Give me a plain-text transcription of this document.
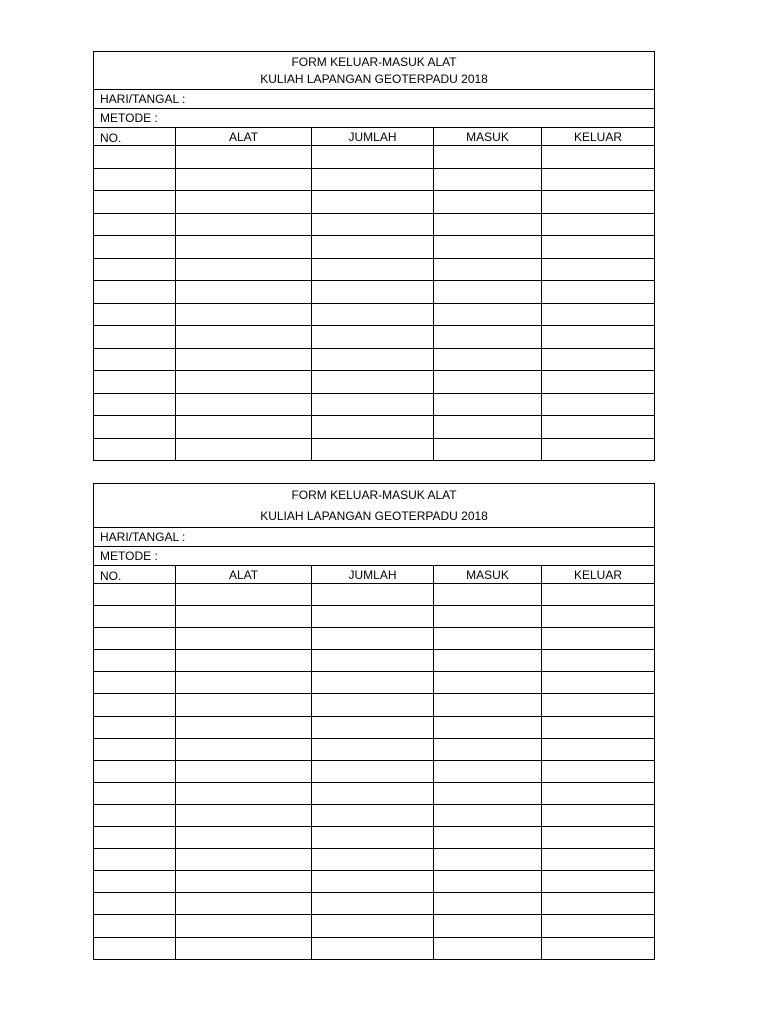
FORM KELUAR-MASUK ALAT
KULIAH LAPANGAN GEOTERPADU 2018				

HARI/TANGAL :				
METODE :				
NO.	ALAT	JUMLAH	MASUK	KELUAR

FORM KELUAR-MASUK ALAT
KULIAH LAPANGAN GEOTERPADU 2018				

HARI/TANGAL :				
METODE :				
NO.	ALAT	JUMLAH	MASUK	KELUAR
